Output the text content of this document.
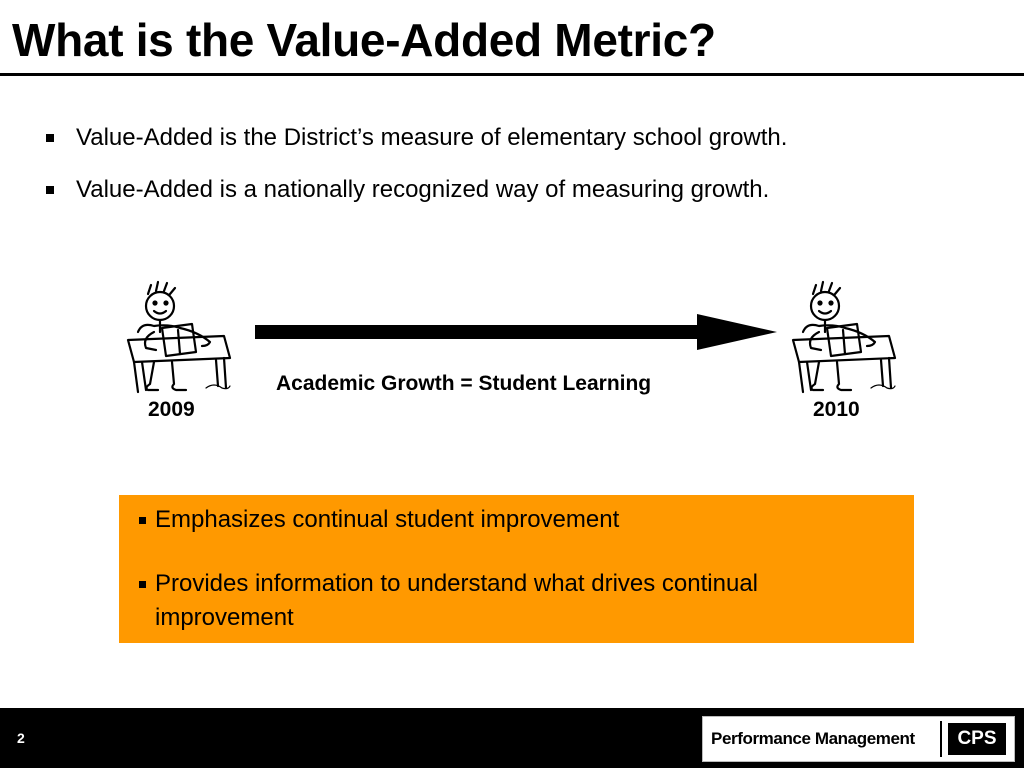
What is the Value-Added Metric?
Value-Added is the District’s measure of elementary school growth.
Value-Added is a nationally recognized way of measuring growth.
Academic Growth = Student Learning
2009	2010
Emphasizes continual student improvement
Provides information to understand what drives continual improvement
2	Performance Management	CPS
